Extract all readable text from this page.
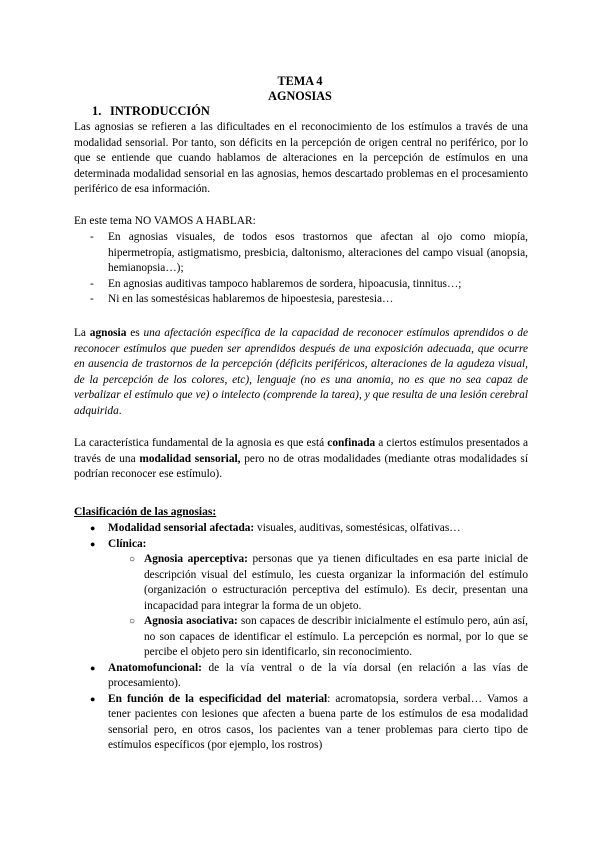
TEMA 4
AGNOSIAS
1. INTRODUCCIÓN

Las agnosias se refieren a las dificultades en el reconocimiento de los estímulos a través de una modalidad sensorial. Por tanto, son déficits en la percepción de origen central no periférico, por lo que se entiende que cuando hablamos de alteraciones en la percepción de estímulos en una determinada modalidad sensorial en las agnosias, hemos descartado problemas en el procesamiento periférico de esa información.

En este tema NO VAMOS A HABLAR:

- En agnosias visuales, de todos esos trastornos que afectan al ojo como miopía, hipermetropía, astigmatismo, presbicia, daltonismo, alteraciones del campo visual (anopsia, hemianopsia…);
- En agnosias auditivas tampoco hablaremos de sordera, hipoacusia, tinnitus…;
- Ni en las somestésicas hablaremos de hipoestesia, parestesia…

La agnosia es una afectación específica de la capacidad de reconocer estímulos aprendidos o de reconocer estímulos que pueden ser aprendidos después de una exposición adecuada, que ocurre en ausencia de trastornos de la percepción (déficits periféricos, alteraciones de la agudeza visual, de la percepción de los colores, etc), lenguaje (no es una anomia, no es que no sea capaz de verbalizar el estímulo que ve) o intelecto (comprende la tarea), y que resulta de una lesión cerebral adquirida.

La característica fundamental de la agnosia es que está confinada a ciertos estímulos presentados a través de una modalidad sensorial, pero no de otras modalidades (mediante otras modalidades sí podrían reconocer ese estímulo).

Clasificación de las agnosias:
● Modalidad sensorial afectada: visuales, auditivas, somestésicas, olfativas…
● Clínica:
○ Agnosia aperceptiva: personas que ya tienen dificultades en esa parte inicial de descripción visual del estímulo, les cuesta organizar la información del estímulo (organización o estructuración perceptiva del estímulo). Es decir, presentan una incapacidad para integrar la forma de un objeto.
○ Agnosia asociativa: son capaces de describir inicialmente el estímulo pero, aún así, no son capaces de identificar el estímulo. La percepción es normal, por lo que se percibe el objeto pero sin identificarlo, sin reconocimiento.
● Anatomofuncional: de la vía ventral o de la vía dorsal (en relación a las vías de procesamiento).
● En función de la especificidad del material: acromatopsia, sordera verbal… Vamos a tener pacientes con lesiones que afecten a buena parte de los estímulos de esa modalidad sensorial pero, en otros casos, los pacientes van a tener problemas para cierto tipo de estímulos específicos (por ejemplo, los rostros)
